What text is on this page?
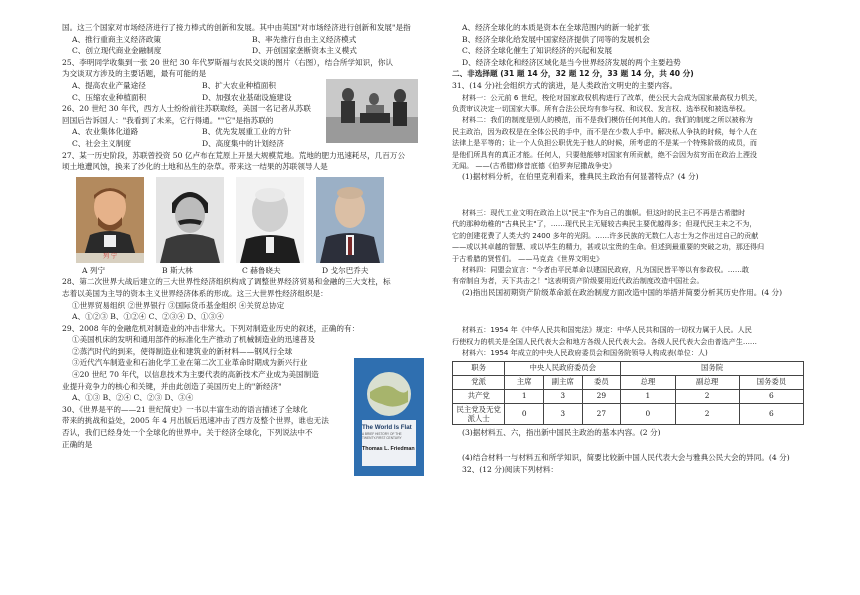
国。这三个国家对市场经济进行了接力棒式的创新和发展。其中由英国"对市场经济进行创新和发展"是指

A、推行重商主义经济政策	B、率先推行自由主义经济模式
C、创立现代商业金融制度	D、开创国家垄断资本主义模式

25、李明同学收集到一张 20 世纪 30 年代罗斯福与农民交谈的图片（右图），结合所学知识，你认

为交谈双方涉及的主要话题，最有可能的是

A、提高农业产量途径	B、扩大农业种植面积
C、压缩农业种植面积	D、加强农业基础设施建设

26、20 世纪 30 年代，西方人士纷纷前往苏联取经，美国一名记者从苏联

回国后告诉国人："我看到了未来，它行得通。""它"是指苏联的

A、农业集体化道路	B、优先发展重工业的方针
C、社会主义制度	D、高度集中的计划经济

27、某一历史阶段，苏联曾投资 50 亿卢布在荒原上开垦大规模荒地。荒地的肥力迅速耗尽，几百万公

顷土地遭风蚀，换来了沙化的土地和丛生的杂草。带来这一结果的苏联领导人是

列 宁
A 列宁	B 斯大林	C 赫鲁晓夫	D 戈尔巴乔夫

28、第二次世界大战后建立的三大世界性经济组织构成了调整世界经济贸易和金融的三大支柱，标

志着以美国为主导的资本主义世界经济体系的形成。这三大世界性经济组织是：

①世界贸易组织 ②世界银行 ③国际货币基金组织 ④关贸总协定

A、①②③ B、①②④ C、②③④ D、①③④

29、2008 年的金融危机对制造业的冲击非常大。下列对制造业历史的叙述，正确的有：

①美国机床的发明和通用部件的标准化生产推动了机械制造业的迅速普及

②蒸汽时代的到来，使得制造业和建筑业的新材料——钢风行全球

③近代汽车制造业和石油化学工业在第二次工业革命时期成为新兴行业

④20 世纪 70 年代，以信息技术为主要代表的高新技术产业成为美国制造

业提升竞争力的核心和关键，并由此创造了美国历史上的"新经济"

A、①③ B、②④ C、②③ D、③④

30、《世界是平的——21 世纪简史》一书以丰富生动的语言描述了全球化

带来的挑战和益处，2005 年 4 月出版后迅速冲击了西方及整个世界，谁也无法

否认，我们已经身处一个全球化的世界中。关于经济全球化，下列说法中不

正确的是

The World Is Flat
A BRIEF HISTORY OF THE TWENTY-FIRST CENTURY
Thomas L. Friedman

A、经济全球化的本质是资本在全球范围内的新一轮扩张

B、经济全球化给发展中国家经济提供了同等的发展机会

C、经济全球化催生了知识经济的兴起和发展

D、经济全球化和经济区域化是当今世界经济发展的两个主要趋势

二、非选择题 (31 题 14 分，32 题 12 分，33 题 14 分，共 40 分)

31、(14 分)社会组织方式的演进，是人类政治文明史的主要内容。

材料一：公元前 6 世纪，梭伦对国家政权机构进行了改革，使公民大会成为国家最高权力机关，

负责审议决定一切国家大事。所有合法公民均有参与权、和议权、发言权、选举权和被选举权。

材料二：我们的制度是别人的模范，而不是我们模仿任何其他人的。我们的制度之所以被称为

民主政治，因为政权是在全体公民的手中，而不是在少数人手中。解决私人争执的时候，每个人在

法律上是平等的；让一个人负担公职优先于他人的时候，所考虑的不是某一个特殊阶级的成员，而

是他们所具有的真正才能。任何人，只要他能够对国家有所贡献，绝不会因为贫穷而在政治上湮没

无闻。 ——(古希腊)修昔底德《伯罗奔尼撒战争史》

(1)据材料分析，在伯里克利看来，雅典民主政治有何显著特点？(4 分)

材料三：现代工业文明在政治上以"民主"作为自己的旗帜。但这时的民主已不再是古希腊时

代的那种幼稚的"古典民主"了，……现代民主无疑较古典民主要优越得多；但现代民主未之不为，

它的创建花费了人类大约 2400 多年的光阴。……许多民族的无数仁人志士为之作出过自己的贡献

——或以其卓越的智慧、或以毕生的精力，甚或以宝贵的生命。但述到最重要的突破之功，那还得归

于古希腊的贤哲们。 ——马克垚《世界文明史》

材料四：同盟会宣言："今者由平民革命以建国民政府，凡为国民皆平等以有参政权。……敢

有帝制自为者，天下共击之！"这表明资产阶级要用近代政治制度改造中国社会。

(2)指出民国初期资产阶级革命派在政治制度方面改造中国的举措并简要分析其历史作用。(4 分)

材料五：1954 年《中华人民共和国宪法》规定：中华人民共和国的一切权力属于人民。人民

行使权力的机关是全国人民代表大会和地方各级人民代表大会。各级人民代表大会由普选产生……

材料六：1954 年成立的中央人民政府委员会和国务院领导人构成表(单位：人)

职务	中央人民政府委员会			国务院		
党派	主席	副主席	委员	总理	副总理	国务委员
共产党	1	3	29	1	2	6
民主党及无党派人士	0	3	27	0	2	6

(3)据材料五、六，指出新中国民主政治的基本内容。(2 分)

(4)结合材料一与材料五和所学知识，简要比较新中国人民代表大会与雅典公民大会的异同。(4 分)

32、(12 分)阅读下列材料：
